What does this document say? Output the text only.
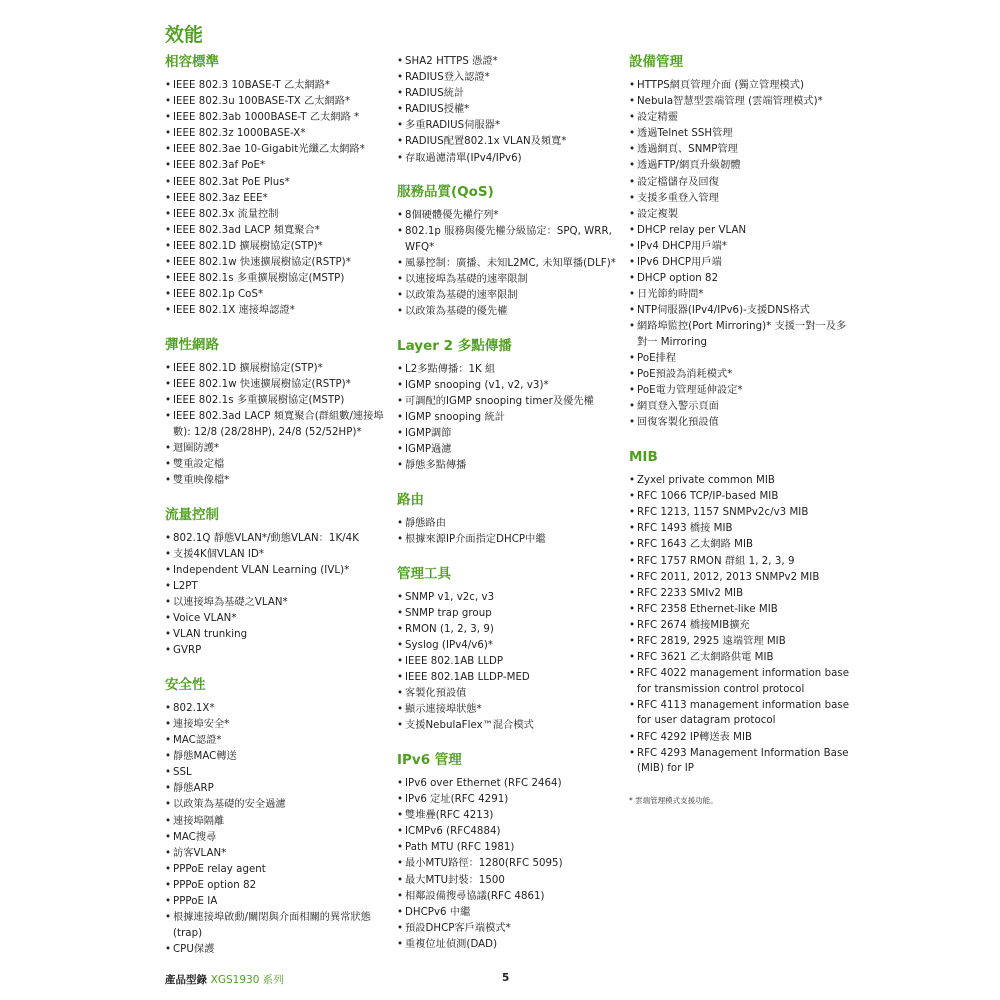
效能
相容標準
• IEEE 802.3 10BASE-T 乙太網路*
• IEEE 802.3u 100BASE-TX 乙太網路*
• IEEE 802.3ab 1000BASE-T 乙太網路 *
• IEEE 802.3z 1000BASE-X*
• IEEE 802.3ae 10-Gigabit光纖乙太網路*
• IEEE 802.3af PoE*
• IEEE 802.3at PoE Plus*
• IEEE 802.3az EEE*
• IEEE 802.3x 流量控制
• IEEE 802.3ad LACP 頻寬聚合*
• IEEE 802.1D 擴展樹協定(STP)*
• IEEE 802.1w 快速擴展樹協定(RSTP)*
• IEEE 802.1s 多重擴展樹協定(MSTP)
• IEEE 802.1p CoS*
• IEEE 802.1X 連接埠認證*
彈性網路
• IEEE 802.1D 擴展樹協定(STP)*
• IEEE 802.1w 快速擴展樹協定(RSTP)*
• IEEE 802.1s 多重擴展樹協定(MSTP)
• IEEE 802.3ad LACP 頻寬聚合(群組數/連接埠數): 12/8 (28/28HP), 24/8 (52/52HP)*
• 迴圈防護*
• 雙重設定檔
• 雙重映像檔*
流量控制
• 802.1Q 靜態VLAN*/動態VLAN：1K/4K
• 支援4K個VLAN ID*
• Independent VLAN Learning (IVL)*
• L2PT
• 以連接埠為基礎之VLAN*
• Voice VLAN*
• VLAN trunking
• GVRP
安全性
• 802.1X*
• 連接埠安全*
• MAC認證*
• 靜態MAC轉送
• SSL
• 靜態ARP
• 以政策為基礎的安全過濾
• 連接埠隔離
• MAC搜尋
• 訪客VLAN*
• PPPoE relay agent
• PPPoE option 82
• PPPoE IA
• 根據連接埠啟動/關閉與介面相關的異常狀態(trap)
• CPU保護
• SHA2 HTTPS 憑證*
• RADIUS登入認證*
• RADIUS統計
• RADIUS授權*
• 多重RADIUS伺服器*
• RADIUS配置802.1x VLAN及頻寬*
• 存取過濾清單(IPv4/IPv6)
服務品質(QoS)
• 8個硬體優先權佇列*
• 802.1p 服務與優先權分級協定：SPQ, WRR, WFQ*
• 風暴控制：廣播、未知L2MC, 未知單播(DLF)*
• 以連接埠為基礎的速率限制
• 以政策為基礎的速率限制
• 以政策為基礎的優先權
Layer 2 多點傳播
• L2多點傳播：1K 組
• IGMP snooping (v1, v2, v3)*
• 可調配的IGMP snooping timer及優先權
• IGMP snooping 統計
• IGMP調節
• IGMP過濾
• 靜態多點傳播
路由
• 靜態路由
• 根據來源IP介面指定DHCP中繼
管理工具
• SNMP v1, v2c, v3
• SNMP trap group
• RMON (1, 2, 3, 9)
• Syslog (IPv4/v6)*
• IEEE 802.1AB LLDP
• IEEE 802.1AB LLDP-MED
• 客製化預設值
• 顯示連接埠狀態*
• 支援NebulaFlex™混合模式
IPv6 管理
• IPv6 over Ethernet (RFC 2464)
• IPv6 定址(RFC 4291)
• 雙堆疊(RFC 4213)
• ICMPv6 (RFC4884)
• Path MTU (RFC 1981)
• 最小MTU路徑：1280(RFC 5095)
• 最大MTU封裝：1500
• 相鄰設備搜尋協議(RFC 4861)
• DHCPv6 中繼
• 預設DHCP客戶端模式*
• 重複位址偵測(DAD)
設備管理
• HTTPS網頁管理介面 (獨立管理模式)
• Nebula智慧型雲端管理 (雲端管理模式)*
• 設定精靈
• 透過Telnet SSH管理
• 透過網頁、SNMP管理
• 透過FTP/網頁升級韌體
• 設定檔儲存及回復
• 支援多重登入管理
• 設定複製
• DHCP relay per VLAN
• IPv4 DHCP用戶端*
• IPv6 DHCP用戶端
• DHCP option 82
• 日光節約時間*
• NTP伺服器(IPv4/IPv6)-支援DNS格式
• 網路埠監控(Port Mirroring)* 支援一對一及多對一 Mirroring
• PoE排程
• PoE預設為消耗模式*
• PoE電力管理延伸設定*
• 網頁登入警示頁面
• 回復客製化預設值
MIB
• Zyxel private common MIB
• RFC 1066 TCP/IP-based MIB
• RFC 1213, 1157 SNMPv2c/v3 MIB
• RFC 1493 橋接 MIB
• RFC 1643 乙太網路 MIB
• RFC 1757 RMON 群組 1, 2, 3, 9
• RFC 2011, 2012, 2013 SNMPv2 MIB
• RFC 2233 SMIv2 MIB
• RFC 2358 Ethernet-like MIB
• RFC 2674 橋接MIB擴充
• RFC 2819, 2925 遠端管理 MIB
• RFC 3621 乙太網路供電 MIB
• RFC 4022 management information base for transmission control protocol
• RFC 4113 management information base for user datagram protocol
• RFC 4292 IP轉送表 MIB
• RFC 4293 Management Information Base (MIB) for IP
* 雲端管理模式支援功能。
產品型錄 XGS1930 系列	5
